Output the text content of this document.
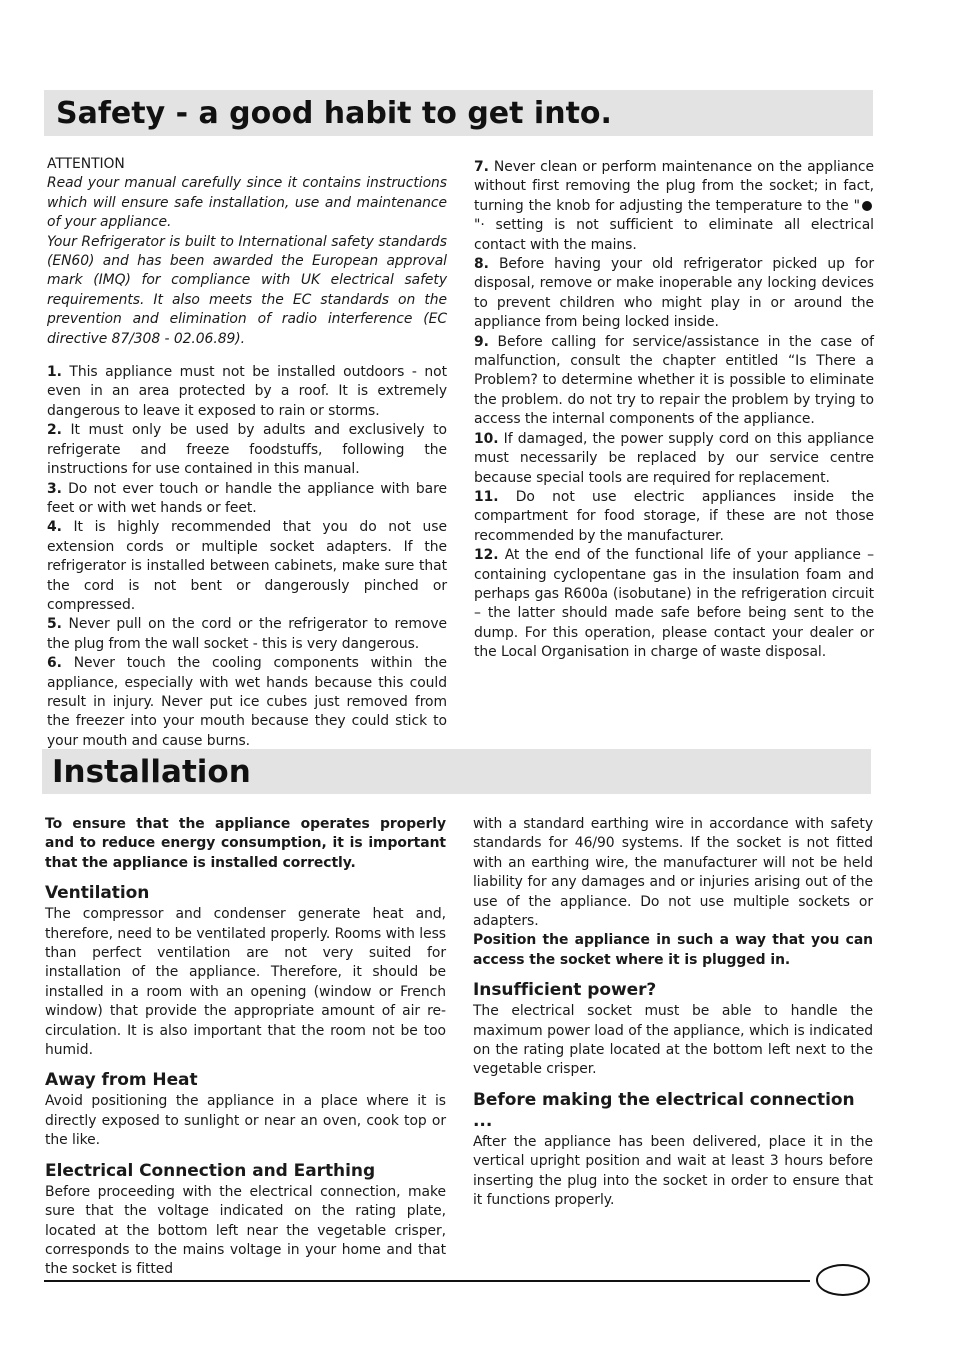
Safety - a good habit to get into.

ATTENTION

Read your manual carefully since it contains instructions which will ensure safe installation, use and maintenance of your appliance.

Your Refrigerator is built to International safety standards (EN60) and has been awarded the European approval mark (IMQ) for compliance with UK electrical safety requirements. It also meets the EC standards on the prevention and elimination of radio interference (EC directive 87/308 - 02.06.89).

1. This appliance must not be installed outdoors - not even in an area protected by a roof. It is extremely dangerous to leave it exposed to rain or storms.

2. It must only be used by adults and exclusively to refrigerate and freeze foodstuffs, following the instructions for use contained in this manual.

3. Do not ever touch or handle the appliance with bare feet or with wet hands or feet.

4. It is highly recommended that you do not use extension cords or multiple socket adapters. If the refrigerator is installed between cabinets, make sure that the cord is not bent or dangerously pinched or compressed.

5. Never pull on the cord or the refrigerator to remove the plug from the wall socket - this is very dangerous.

6. Never touch the cooling components within the appliance, especially with wet hands because this could result in injury. Never put ice cubes just removed from the freezer into your mouth because they could stick to your mouth and cause burns.

7. Never clean or perform maintenance on the appliance without first removing the plug from the socket; in fact, turning the knob for adjusting the temperature to the ""· setting is not sufficient to eliminate all electrical contact with the mains.

8. Before having your old refrigerator picked up for disposal, remove or make inoperable any locking devices to prevent children who might play in or around the appliance from being locked inside.

9. Before calling for service/assistance in the case of malfunction, consult the chapter entitled “Is There a Problem? to determine whether it is possible to eliminate the problem. do not try to repair the problem by trying to access the internal components of the appliance.

10. If damaged, the power supply cord on this appliance must necessarily be replaced by our service centre because special tools are required for replacement.

11. Do not use electric appliances inside the compartment for food storage, if these are not those recommended by the manufacturer.

12. At the end of the functional life of your appliance – containing cyclopentane gas in the insulation foam and perhaps gas R600a (isobutane) in the refrigeration circuit – the latter should made safe before being sent to the dump. For this operation, please contact your dealer or the Local Organisation in charge of waste disposal.

Installation

To ensure that the appliance operates properly and to reduce energy consumption, it is important that the appliance is installed correctly.

Ventilation

The compressor and condenser generate heat and, therefore, need to be ventilated properly. Rooms with less than perfect ventilation are not very suited for installation of the appliance. Therefore, it should be installed in a room with an opening (window or French window) that provide the appropriate amount of air re-circulation. It is also important that the room not be too humid.

Away from Heat

Avoid positioning the appliance in a place where it is directly exposed to sunlight or near an oven, cook top or the like.

Electrical Connection and Earthing

Before proceeding with the electrical connection, make sure that the voltage indicated on the rating plate, located at the bottom left near the vegetable crisper, corresponds to the mains voltage in your home and that the socket is fitted

with a standard earthing wire in accordance with safety standards for 46/90 systems. If the socket is not fitted with an earthing wire, the manufacturer will not be held liability for any damages and or injuries arising out of the use of the appliance. Do not use multiple sockets or adapters.

Position the appliance in such a way that you can access the socket where it is plugged in.

Insufficient power?

The electrical socket must be able to handle the maximum power load of the appliance, which is indicated on the rating plate located at the bottom left next to the vegetable crisper.

Before making the electrical connection ...

After the appliance has been delivered, place it in the vertical upright position and wait at least 3 hours before inserting the plug into the socket in order to ensure that it functions properly.
